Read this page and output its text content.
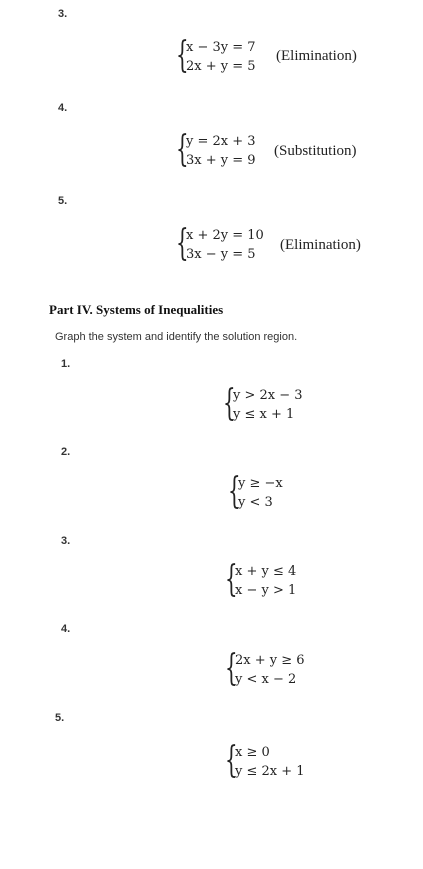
3.
{
x − 3y = 7
2x + y = 5
(Elimination)
4.
{
y = 2x + 3
3x + y = 9
(Substitution)
5.
{
x + 2y = 10
3x − y = 5
(Elimination)
Part IV. Systems of Inequalities
Graph the system and identify the solution region.
1.
{
y > 2x − 3
y ≤ x + 1
2.
{
y ≥ −x
y < 3
3.
{
x + y ≤ 4
x − y > 1
4.
{
2x + y ≥ 6
y < x − 2
5.
{
x ≥ 0
y ≤ 2x + 1
